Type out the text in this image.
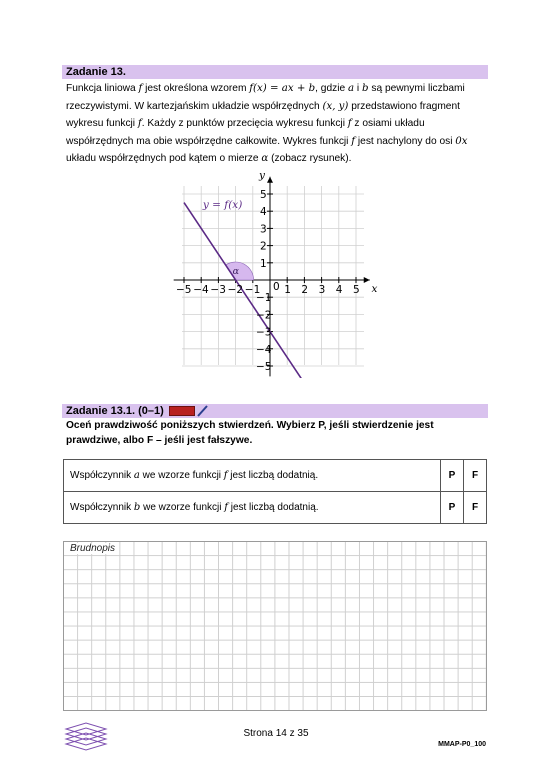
Zadanie 13.
Funkcja liniowa f jest określona wzorem f(x) = ax + b, gdzie a i b są pewnymi liczbami rzeczywistymi. W kartezjańskim układzie współrzędnych (x, y) przedstawiono fragment wykresu funkcji f. Każdy z punktów przecięcia wykresu funkcji f z osiami układu współrzędnych ma obie współrzędne całkowite. Wykres funkcji f jest nachylony do osi 0x układu współrzędnych pod kątem o mierze α (zobacz rysunek).
−5 −4 −3 −2 −1 1 2 3 4 5
5
4
3
2
1
−1
−2
−3
−4
−5
0	x
y
y = f(x)
α
Zadanie 13.1. (0–1)
Oceń prawdziwość poniższych stwierdzeń. Wybierz P, jeśli stwierdzenie jest prawdziwe, albo F – jeśli jest fałszywe.
Współczynnik a we wzorze funkcji f jest liczbą dodatnią.	P	F
Współczynnik b we wzorze funkcji f jest liczbą dodatnią.	P	F
Brudnopis
Strona 14 z 35
MMAP-P0_100
